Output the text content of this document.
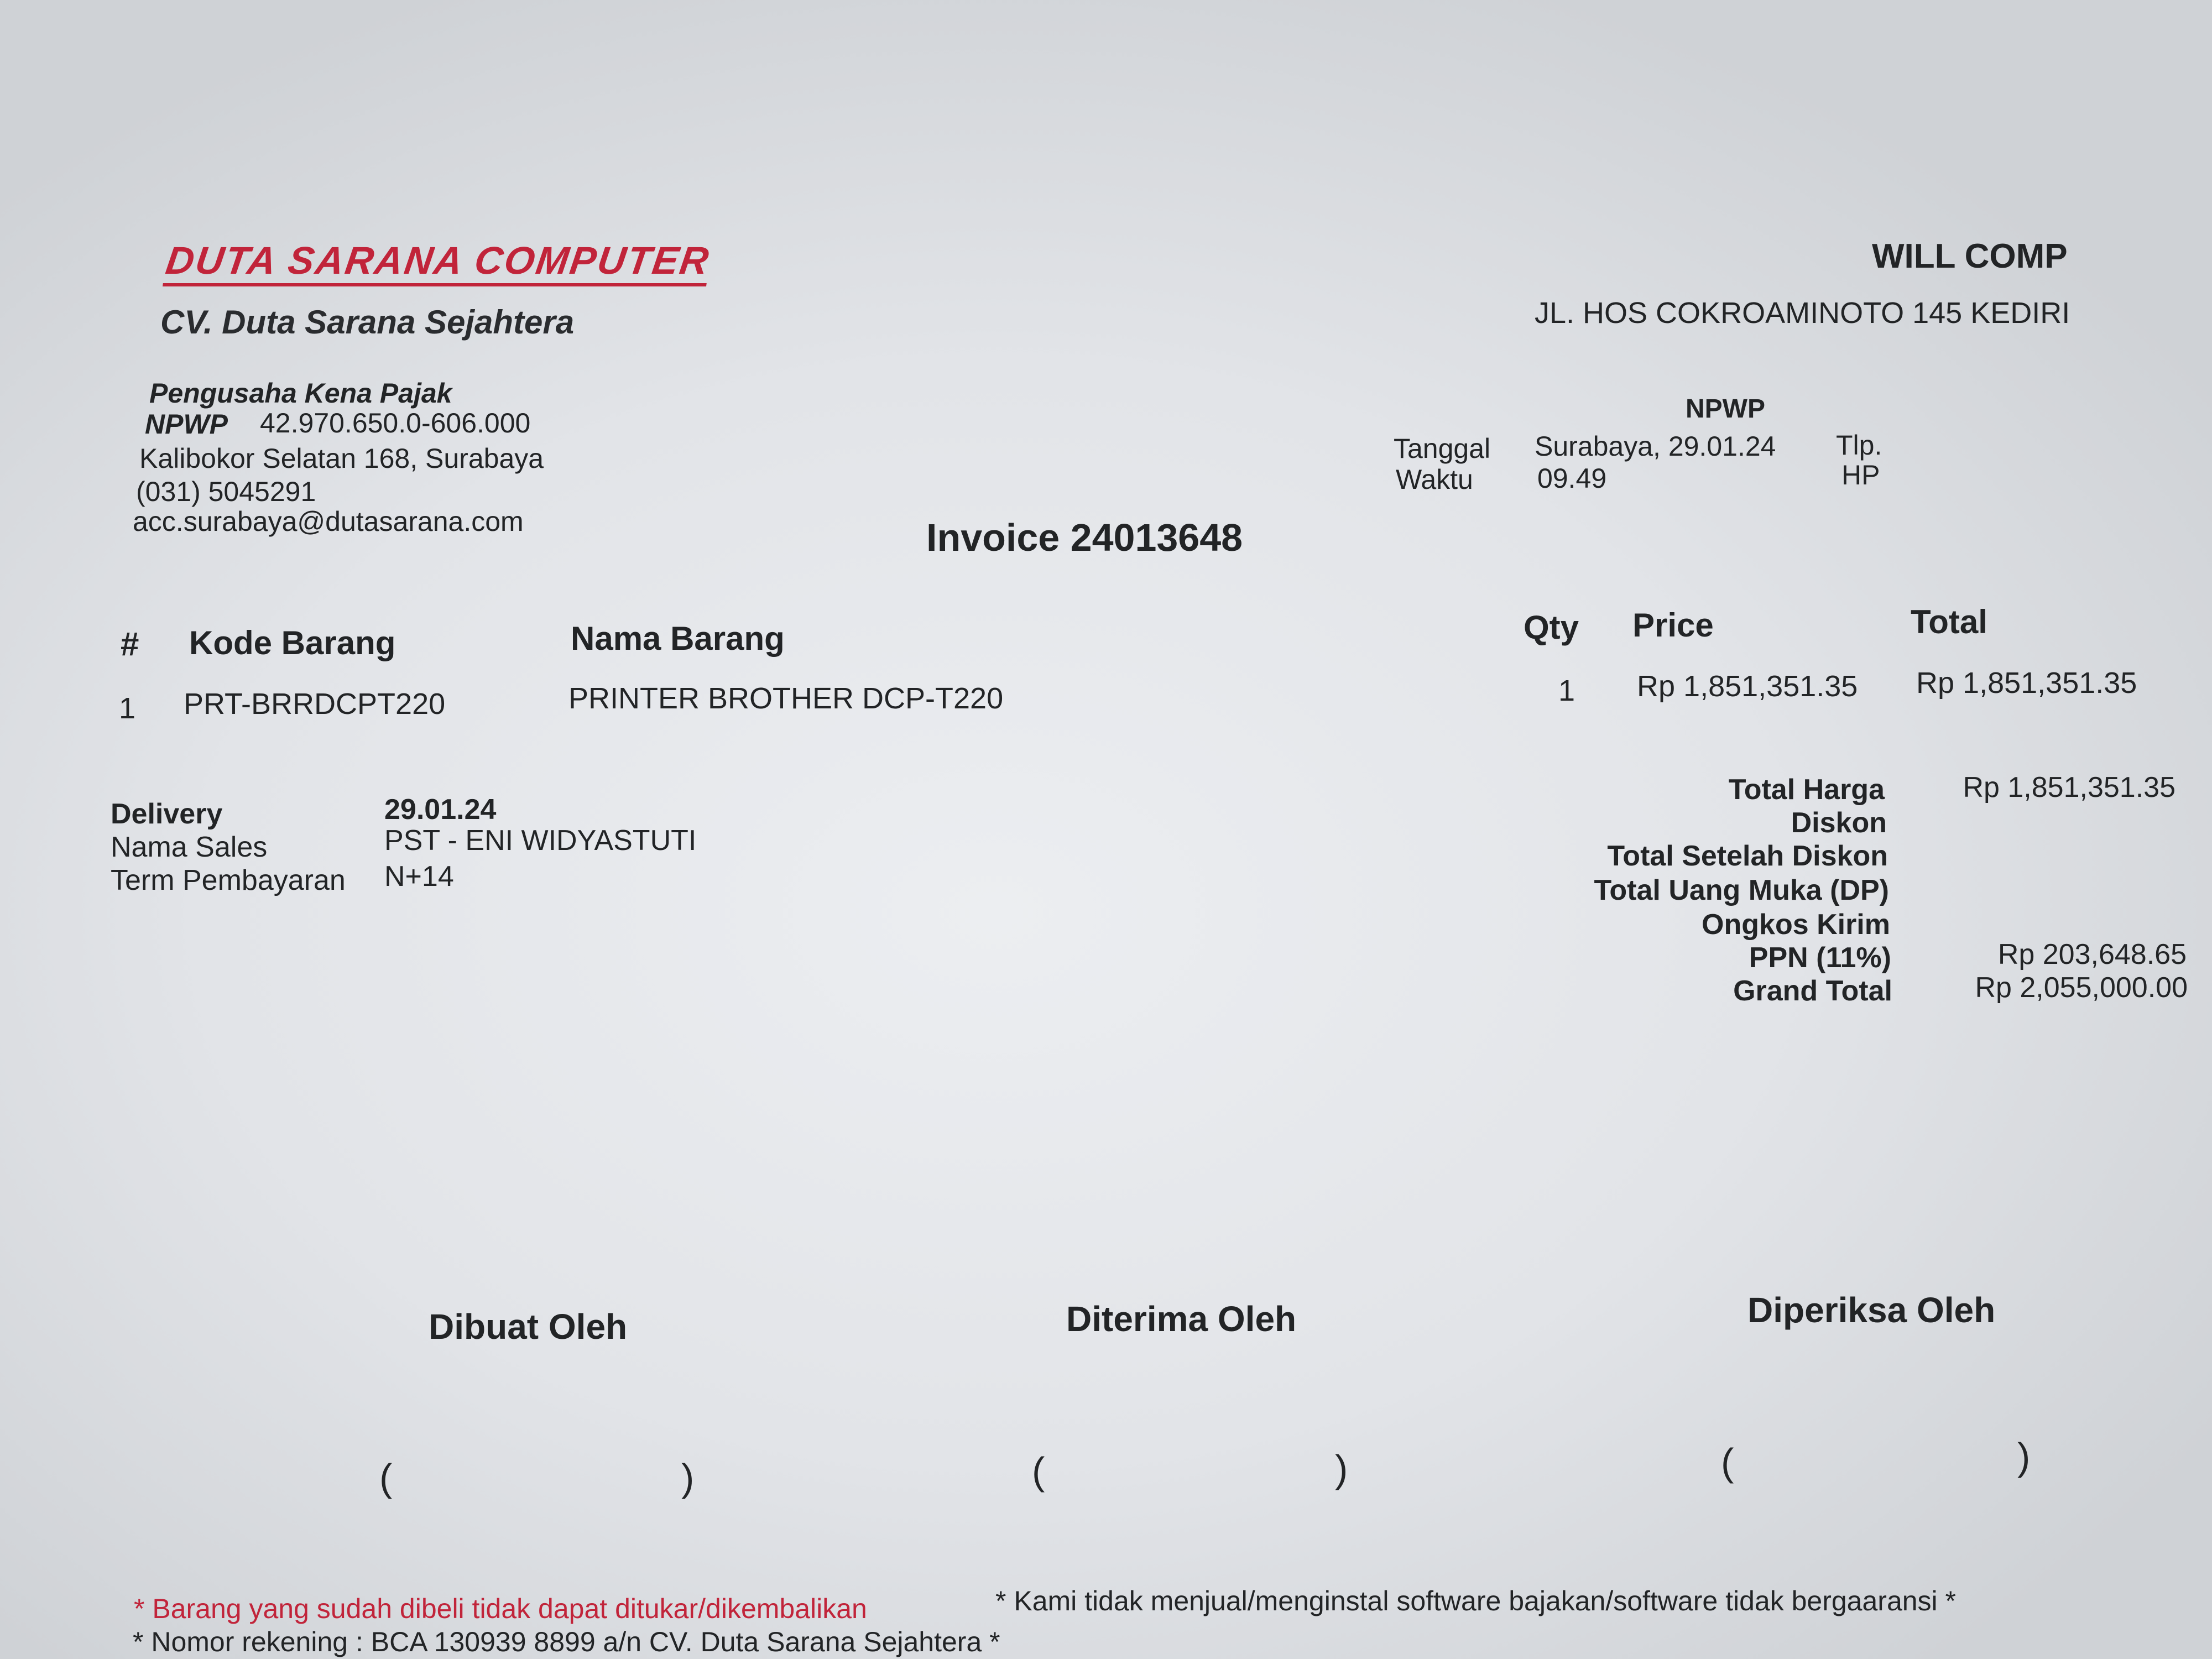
DUTA SARANA COMPUTER
CV. Duta Sarana Sejahtera
Pengusaha Kena Pajak
NPWP 42.970.650.0-606.000
Kalibokor Selatan 168, Surabaya
(031) 5045291
acc.surabaya@dutasarana.com
WILL COMP
JL. HOS COKROAMINOTO 145 KEDIRI
NPWP
Tanggal Surabaya, 29.01.24 Tlp.
Waktu 09.49	HP
Invoice 24013648
# Kode Barang	Nama Barang	Qty Price	Total
1 PRT-BRRDCPT220	PRINTER BROTHER DCP-T220	1 Rp 1,851,351.35 Rp 1,851,351.35
Delivery	29.01.24
Nama Sales	PST - ENI WIDYASTUTI
Term Pembayaran N+14
Total Harga	Rp 1,851,351.35
Diskon
Total Setelah Diskon
Total Uang Muka (DP)
Ongkos Kirim
PPN (11%)	Rp 203,648.65
Grand Total	Rp 2,055,000.00
Dibuat Oleh	Diterima Oleh	Diperiksa Oleh
(	)	(	)	(	)
* Barang yang sudah dibeli tidak dapat ditukar/dikembalikan	* Kami tidak menjual/menginstal software bajakan/software tidak bergaaransi *
* Nomor rekening : BCA 130939 8899 a/n CV. Duta Sarana Sejahtera *
